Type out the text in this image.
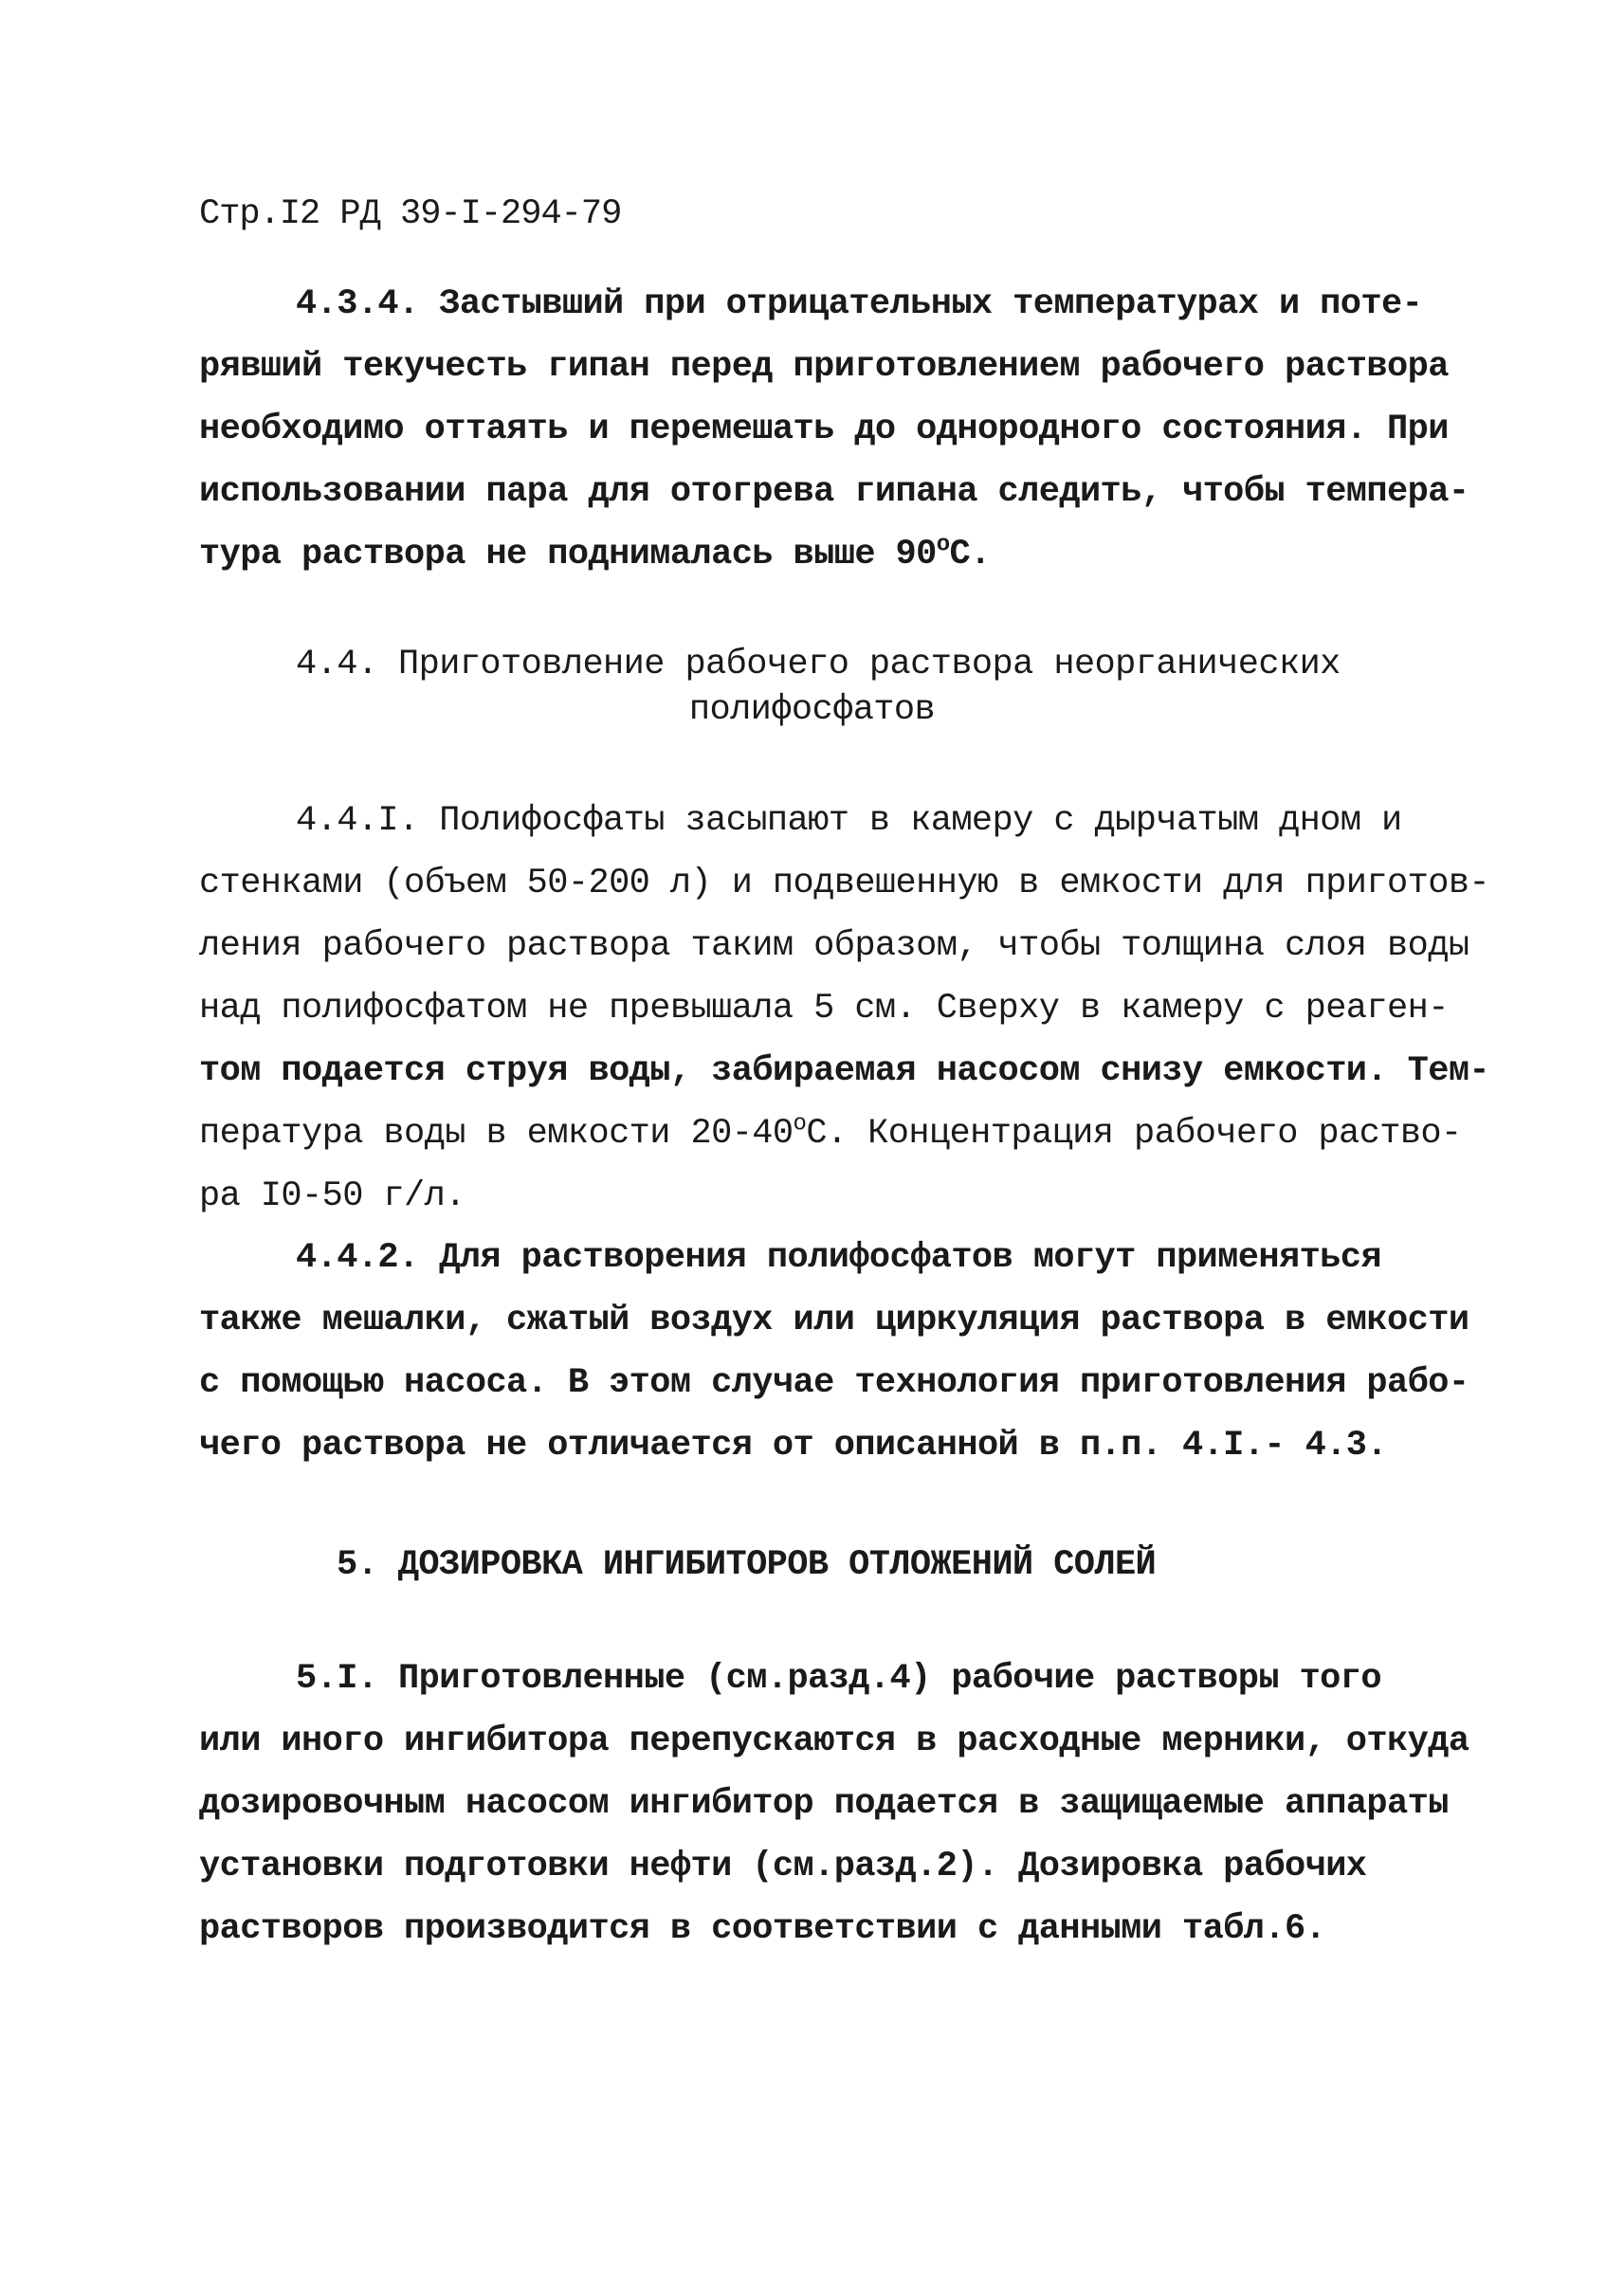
Стр.I2 РД 39-I-294-79
4.3.4. Застывший при отрицательных температурах и поте-
рявший текучесть гипан перед приготовлением рабочего раствора
необходимо оттаять и перемешать до однородного состояния. При
использовании пара для отогрева гипана следить, чтобы темпера-
тура раствора не поднималась выше $90^оС$.
4.4. Приготовление рабочего раствора неорганических
полифосфатов
4.4.I. Полифосфаты засыпают в камеру с дырчатым дном и
стенками (объем 50-200 л) и подвешенную в емкости для приготов-
ления рабочего раствора таким образом, чтобы толщина слоя воды
над полифосфатом не превышала 5 см. Сверху в камеру с реаген-
том подается струя воды, забираемая насосом снизу емкости. Тем-
пература воды в емкости $20-40^оС$. Концентрация рабочего раство-
ра I0-50 г/л.
4.4.2. Для растворения полифосфатов могут применяться
также мешалки, сжатый воздух или циркуляция раствора в емкости
с помощью насоса. В этом случае технология приготовления рабо-
чего раствора не отличается от описанной в п.п. 4.I.- 4.3.
5. ДОЗИРОВКА ИНГИБИТОРОВ ОТЛОЖЕНИЙ СОЛЕЙ
5.I. Приготовленные (см.разд.4) рабочие растворы того
или иного ингибитора перепускаются в расходные мерники, откуда
дозировочным насосом ингибитор подается в защищаемые аппараты
установки подготовки нефти (см.разд.2). Дозировка рабочих
растворов производится в соответствии с данными табл.6.
